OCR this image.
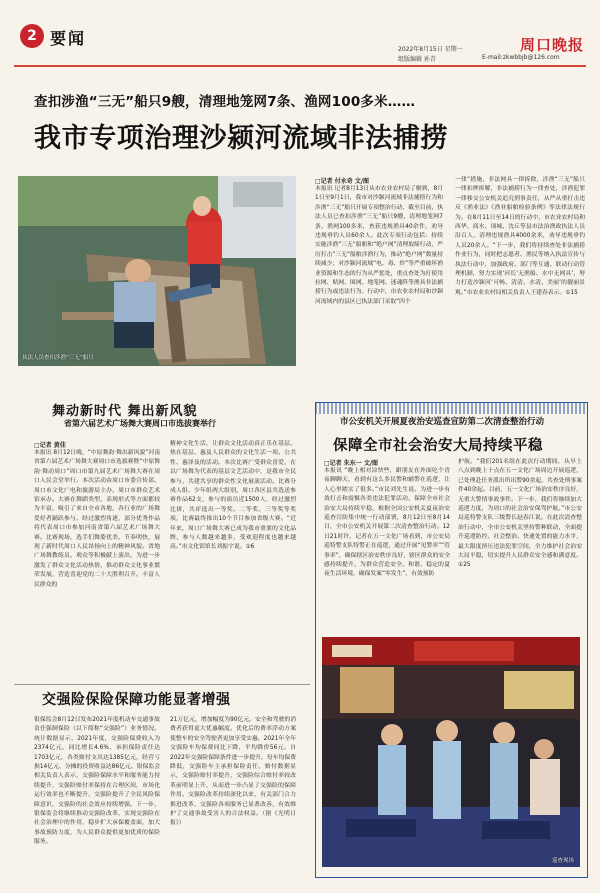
2 要闻
2022年8月15日 星期一
组版编辑 孙青
周口晚报
E-mail:zkwbbjb@126.com
查扣涉渔“三无”船只9艘，清理地笼网7条、渔网100多米……
我市专项治理沙颍河流域非法捕捞
执法人员查扣涉渔“三无”船只
□记者 付永奇 文/图
本报讯 记者8月13日从市农业农村局了解到，8月1日至9月1日，我市对沙颍河流域非法捕捞行为和涉渔“三无”船只开展专项整治行动，截至目前，执法人员已查扣涉渔“三无”船只9艘，清理地笼网7条、渔网100多米，查获违规渔具40余件，劝导违规垂钓人员60余人。此次专项行动包括：持续实施涉渔“三无”船舶和“绝户网”清理取缔行动，严厉打击“三无”船舶涉渔行为，推动“绝户网”数量持续减少；对沙颍河流域“电、毒、炸”等严重破坏渔业资源和生态的行为从严惩处，重点查处为打使用拉网、贴网、围网、地笼网、迷魂阵等渔具非法捕捞行为或违法行为。行动中，市农业农村局和沙颍河流域内的县区已执法部门采取“四个
一律”措施，非法网具一律拆除，涉渔“三无”船只一律扣押拆解，非法捕捞行为一律查处，涉渔犯罪一律移交公安机关追究刑事责任，从严从重打击违反《渔业法》《渔业船舶检验条例》等法律法规行为。在8月11日至14日的行动中，市农业农村局和西华、商水、项城、沈丘等县市法治渔政执法人员沿百人，清理违规渔具4000余米，劝导违规垂钓人员20余人。“下一步，我们将持续查处非法捕捞作业行为，同时把志愿者、渔民等纳入执法宣传与执法行动中，加强政府、部门等互通、联动行动管理机制，努力实现‘河长’无渔船、水中无网具’，努力打造沙颍河‘可畅、清清、水清、美丽’的靓丽景观。”市农业农村局相关负责人王建春表示。①15
舞动新时代 舞出新风貌
省第六届艺术广场舞大赛周口市选拔赛举行
□记者 黄佳
本报讯 8月12日晚，“中原舞韵·舞出新风貌”河南省第六届艺术广场舞大赛周口市选拔赛暨“中原舞韵·舞动周口”周口市第九届艺术广场舞大赛在周口人民会堂举行。本次活动由周口市委宣传部、周口市文化广电和旅游局主办，周口市群众艺术馆承办。大赛在舞蹈类型、表现形式等方面都较为丰富，吸引了来自全市各地、各行业的广场舞爱好者踊跃参与。经过激烈角逐，部分优秀作品将代表周口市参加河南省第六届艺术广场舞大赛。比赛现场，选手们舞姿优美、节奏明快，展现了新时代周口人民昂扬向上的精神风貌。省地广场舞教练员、观众等积极献上演出，为进一步激发了群众文化活动热情，推动群众文化事业繁荣发展，营造喜迎党的二十大胜利召开。丰富人民群众的
精神文化生活，让群众文化活动真正乐在基层、热在基层、惠及人民群众的文化生活一项、公共性、惠泽及的活动。本次比赛广受群众喜爱，在以广场舞为代表的基层文艺活动中，是我市全民参与、共建共享的群众性文化展演活动。比赛分成人组、少年组两大组别，周口各区县共选送参赛作品62支，参与的演员近1500人，经过激烈比拼，共评选出一等奖、二等奖、三等奖等奖项，比赛最终推出10个节目参加省级大赛。“近年来，周口广场舞大赛已成为我市重要的文化品牌，参与人数越来越多，受欢迎程度也越来越高。”市文化馆馆长刘振宇说。①6
市公安机关开展夏夜治安巡查宣防第二次清查整治行动
保障全市社会治安大局持续平稳
□记者 朱东一 文/图
本报讯 “晚上相对凉快些，跟朋友在外面吃个宵夜聊聊天，看到有这么多民警和辅警在巡逻，让人心里踏实了很多。”市民刘先生说。为进一步有效打击和震慑各类违法犯罪活动，保障全市社会治安大局持续平稳，根据全国公安机关夏夜治安巡查宣防集中统一行动部署，8月12日至8月14日，全市公安机关开展第二次清查整治行动。12日21时许，记者在五一文化广场看到，市公安局巡特警支队特警正在巡逻，通过开展“见警率”“管事率”，确保辖区治安秩序良好，辖区群众的安全感持续提升，为群众营造安全、和谐、稳定的夏夜生活环境，确保发案“零发生”，有效预防
护航。“我们201名组在此次行动期间，从早上八点到晚上十点在五一文化广场周边开展巡逻，已处理赴任务派出所出警90余起，共查处刑事案件40余起。目前，五一文化广场治安秩序良好，无重大警情事故事件。下一步，我们将继续加大巡逻力度，为周口的社会治安保驾护航。”市公安局巡特警支队三级警长赵春江说。在此次清查整治行动中，全市公安机关坚持警种联动，全面提升巡逻防控、社会整治、快速处置的能力水平，最大限度挤压违法犯罪空间，全力维护社会治安大局平稳，切实提升人民群众安全感和满意度。①25
巡查现场
交强险保险保障功能显著增强
银保监会8月12日发布2021年度机动车交通事故责任强制保险（以下简称“交强险”）业务情况。统计数据显示，2021年度，交强险保费收入为2374亿元，同比增长4.6%，承担保险责任达1703亿元，各类赔付支出达1385亿元，经营亏损14亿元，分摊的投资收益达86亿元。银保监会相关负责人表示，交强险保障水平和服务能力持续提升，交强险赔付率保持在合理区间，市场化运行效率也不断提升，交强险提升了全民风险保障意识，交强险的社会效应持续增强。下一步，银保监会将继续推动交强险改革，实现交强险在社会治理中的作用，稳步扩大承保覆盖面，加大事故预防力度，为人民群众提供更加优质的保险服务。
21万亿元，增加幅度为90亿元。安全和驾驶的消费者获得更大优惠幅度。优化后的费率浮动方案使整车的安全驾驶者更加享受实惠，2021年全年交强险车均保费同比下降，平均降价56元。自2022年交强险保障条件进一步提升，每车均保费降低，交强险车主承担保险责任，赔付数据显示，交强险赔付率提升，交强险综合赔付率较改革前明显上升，从而进一步凸显了交强险的保障作用。交强险改革持续深化以来，有关部门合力推进改革，交强险各项服务已显著改善，有效维护了交通事故受害人的合法权益。（据《光明日报》）
